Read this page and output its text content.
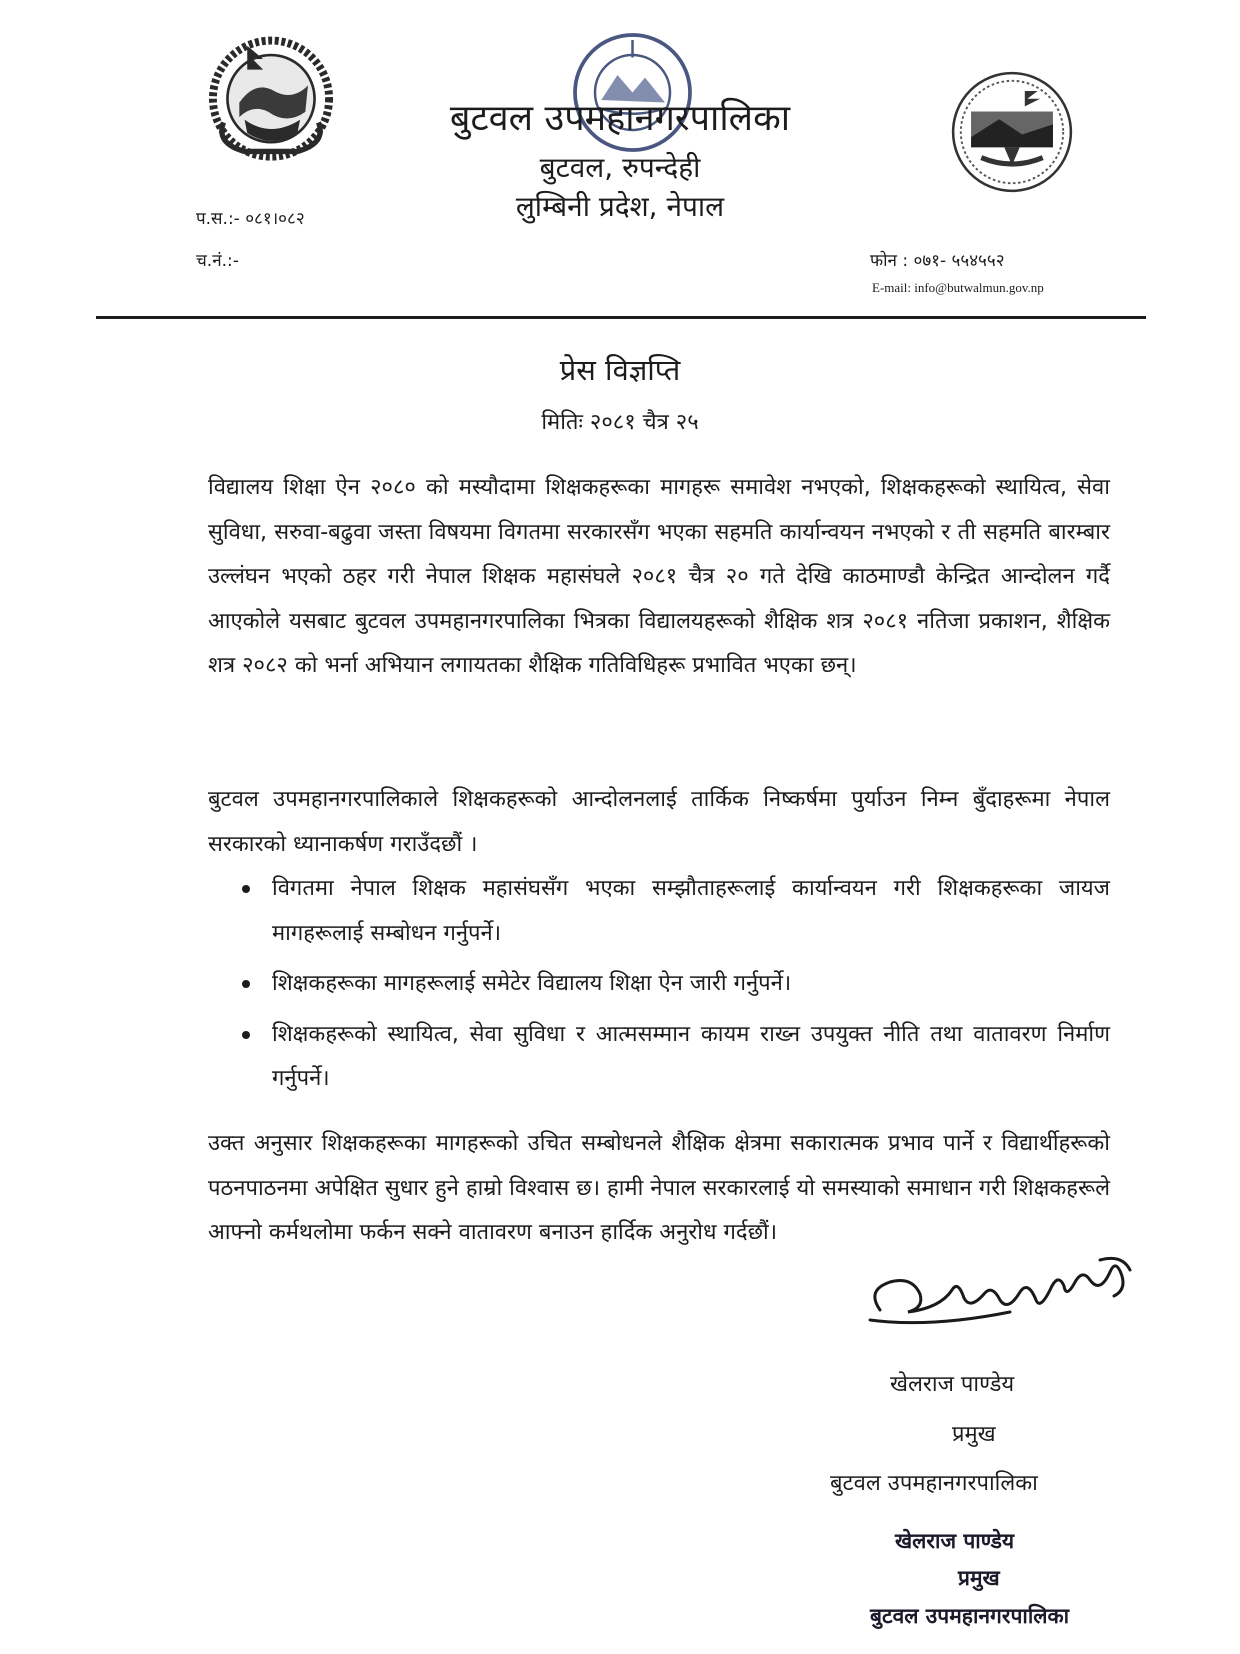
बुटवल उपमहानगरपालिका
बुटवल, रुपन्देही
लुम्बिनी प्रदेश, नेपाल
प.स.:- ०८१।०८२
च.नं.:-	फोन : ०७१- ५५४५५२
E-mail: info@butwalmun.gov.np
प्रेस विज्ञप्ति
मितिः २०८१ चैत्र २५

विद्यालय शिक्षा ऐन २०८० को मस्यौदामा शिक्षकहरूका मागहरू समावेश नभएको, शिक्षकहरूको स्थायित्व, सेवा सुविधा, सरुवा-बढुवा जस्ता विषयमा विगतमा सरकारसँग भएका सहमति कार्यान्वयन नभएको र ती सहमति बारम्बार उल्लंघन भएको ठहर गरी नेपाल शिक्षक महासंघले २०८१ चैत्र २० गते देखि काठमाण्डौ केन्द्रित आन्दोलन गर्दै आएकोले यसबाट बुटवल उपमहानगरपालिका भित्रका विद्यालयहरूको शैक्षिक शत्र २०८१ नतिजा प्रकाशन, शैक्षिक शत्र २०८२ को भर्ना अभियान लगायतका शैक्षिक गतिविधिहरू प्रभावित भएका छन्।

बुटवल उपमहानगरपालिकाले शिक्षकहरूको आन्दोलनलाई तार्किक निष्कर्षमा पुर्याउन निम्न बुँदाहरूमा नेपाल सरकारको ध्यानाकर्षण गराउँदछौं ।

विगतमा नेपाल शिक्षक महासंघसँग भएका सम्झौताहरूलाई कार्यान्वयन गरी शिक्षकहरूका जायज मागहरूलाई सम्बोधन गर्नुपर्ने।
शिक्षकहरूका मागहरूलाई समेटेर विद्यालय शिक्षा ऐन जारी गर्नुपर्ने।
शिक्षकहरूको स्थायित्व, सेवा सुविधा र आत्मसम्मान कायम राख्न उपयुक्त नीति तथा वातावरण निर्माण गर्नुपर्ने।

उक्त अनुसार शिक्षकहरूका मागहरूको उचित सम्बोधनले शैक्षिक क्षेत्रमा सकारात्मक प्रभाव पार्ने र विद्यार्थीहरूको पठनपाठनमा अपेक्षित सुधार हुने हाम्रो विश्वास छ। हामी नेपाल सरकारलाई यो समस्याको समाधान गरी शिक्षकहरूले आफ्नो कर्मथलोमा फर्कन सक्ने वातावरण बनाउन हार्दिक अनुरोध गर्दछौं।

खेलराज पाण्डेय
प्रमुख
बुटवल उपमहानगरपालिका
खेलराज पाण्डेय
प्रमुख
बुटवल उपमहानगरपालिका
